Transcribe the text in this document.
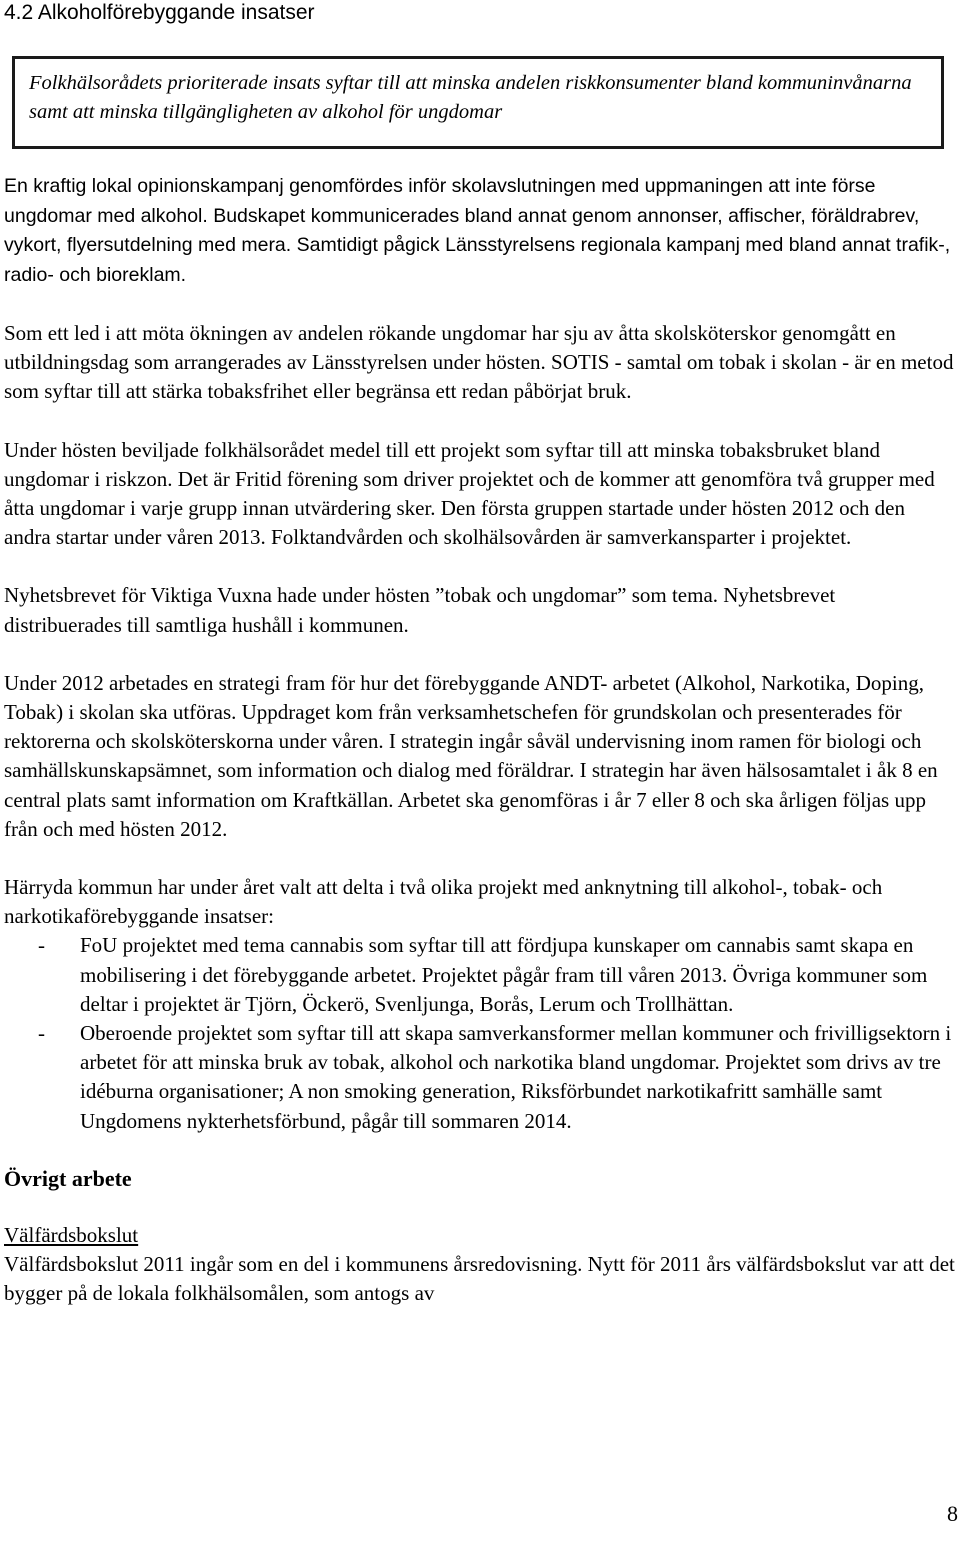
4.2 Alkoholförebyggande insatser
Folkhälsorådets prioriterade insats syftar till att minska andelen riskkonsumenter bland kommuninvånarna samt att minska tillgängligheten av alkohol för ungdomar

En kraftig lokal opinionskampanj genomfördes inför skolavslutningen med uppmaningen att inte förse ungdomar med alkohol. Budskapet kommunicerades bland annat genom annonser, affischer, föräldrabrev, vykort, flyersutdelning med mera. Samtidigt pågick Länsstyrelsens regionala kampanj med bland annat trafik-, radio- och bioreklam.

Som ett led i att möta ökningen av andelen rökande ungdomar har sju av åtta skolsköterskor genomgått en utbildningsdag som arrangerades av Länsstyrelsen under hösten. SOTIS - samtal om tobak i skolan - är en metod som syftar till att stärka tobaksfrihet eller begränsa ett redan påbörjat bruk.

Under hösten beviljade folkhälsorådet medel till ett projekt som syftar till att minska tobaksbruket bland ungdomar i riskzon. Det är Fritid förening som driver projektet och de kommer att genomföra två grupper med åtta ungdomar i varje grupp innan utvärdering sker. Den första gruppen startade under hösten 2012 och den andra startar under våren 2013. Folktandvården och skolhälsovården är samverkansparter i projektet.

Nyhetsbrevet för Viktiga Vuxna hade under hösten ”tobak och ungdomar” som tema. Nyhetsbrevet distribuerades till samtliga hushåll i kommunen.

Under 2012 arbetades en strategi fram för hur det förebyggande ANDT- arbetet (Alkohol, Narkotika, Doping, Tobak) i skolan ska utföras. Uppdraget kom från verksamhetschefen för grundskolan och presenterades för rektorerna och skolsköterskorna under våren. I strategin ingår såväl undervisning inom ramen för biologi och samhällskunskapsämnet, som information och dialog med föräldrar. I strategin har även hälsosamtalet i åk 8 en central plats samt information om Kraftkällan. Arbetet ska genomföras i år 7 eller 8 och ska årligen följas upp från och med hösten 2012.

Härryda kommun har under året valt att delta i två olika projekt med anknytning till alkohol-, tobak- och narkotikaförebyggande insatser:

- FoU projektet med tema cannabis som syftar till att fördjupa kunskaper om cannabis samt skapa en mobilisering i det förebyggande arbetet. Projektet pågår fram till våren 2013. Övriga kommuner som deltar i projektet är Tjörn, Öckerö, Svenljunga, Borås, Lerum och Trollhättan.
- Oberoende projektet som syftar till att skapa samverkansformer mellan kommuner och frivilligsektorn i arbetet för att minska bruk av tobak, alkohol och narkotika bland ungdomar. Projektet som drivs av tre idéburna organisationer; A non smoking generation, Riksförbundet narkotikafritt samhälle samt Ungdomens nykterhetsförbund, pågår till sommaren 2014.
Övrigt arbete

Välfärdsbokslut

Välfärdsbokslut 2011 ingår som en del i kommunens årsredovisning. Nytt för 2011 års välfärdsbokslut var att det bygger på de lokala folkhälsomålen, som antogs av

8
